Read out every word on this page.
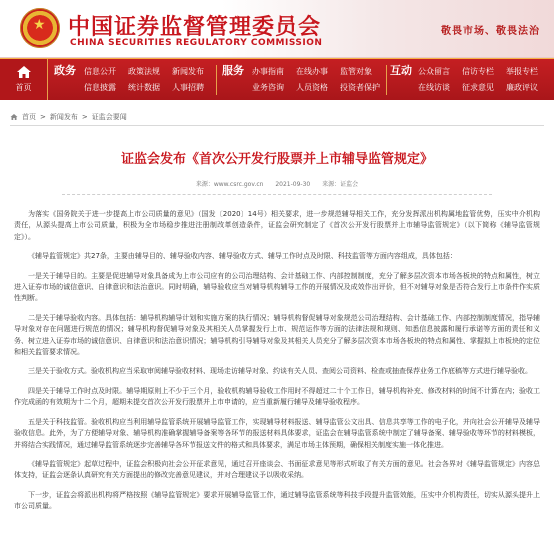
★ 中国证券监督管理委员会
CHINA SECURITIES REGULATORY COMMISSION
敬畏市场、敬畏法治
首页
政务 信息公开 政策法规 新闻发布
信息披露 统计数据 人事招聘
服务 办事指南 在线办事 监管对象
业务咨询 人员资格 投资者保护
互动 公众留言 信访专栏 举报专栏
在线访谈 征求意见 廉政评议
首页 > 新闻发布 > 证监会要闻
证监会发布《首次公开发行股票并上市辅导监管规定》
来源：www.csrc.gov.cn 2021-09-30 来源：证监会

为落实《国务院关于进一步提高上市公司质量的意见》（国发〔2020〕14号）相关要求，进一步规范辅导相关工作，充分发挥派出机构属地监管优势，压实中介机构责任，从源头提高上市公司质量，积极为全市场稳步推进注册制改革创造条件，证监会研究制定了《首次公开发行股票并上市辅导监管规定》（以下简称《辅导监管规定》）。

《辅导监管规定》共27条，主要由辅导目的、辅导验收内容、辅导验收方式、辅导工作时点及时限、科技监管等方面内容组成，具体包括：

一是关于辅导目的。主要是促进辅导对象具备成为上市公司应有的公司治理结构、会计基础工作、内部控制制度，充分了解多层次资本市场各板块的特点和属性，树立进入证券市场的诚信意识、自律意识和法治意识。同时明确，辅导验收应当对辅导机构辅导工作的开展情况及成效作出评价，但不对辅导对象是否符合发行上市条件作实质性判断。

二是关于辅导验收内容。具体包括：辅导机构辅导计划和实施方案的执行情况；辅导机构督促辅导对象规范公司治理结构、会计基础工作、内部控制制度情况，指导辅导对象对存在问题进行规范的情况；辅导机构督促辅导对象及其相关人员掌握发行上市、规范运作等方面的法律法规和规则、知悉信息披露和履行承诺等方面的责任和义务、树立进入证券市场的诚信意识、自律意识和法治意识情况；辅导机构引导辅导对象及其相关人员充分了解多层次资本市场各板块的特点和属性、掌握拟上市板块的定位和相关监管要求情况。

三是关于验收方式。验收机构应当采取审阅辅导验收材料、现场走访辅导对象、约谈有关人员、查阅公司资料、检查或抽查保荐业务工作底稿等方式进行辅导验收。

四是关于辅导工作时点及时限。辅导期原则上不少于三个月，验收机构辅导验收工作用时不得超过二十个工作日，辅导机构补充、修改材料的时间不计算在内；验收工作完成函的有效期为十二个月，超期未提交首次公开发行股票并上市申请的，应当重新履行辅导及辅导验收程序。

五是关于科技监管。验收机构应当利用辅导监管系统开展辅导监管工作，实现辅导材料报送、辅导监管公文出具、信息共享等工作的电子化，并向社会公开辅导及辅导验收信息。此外，为了方便辅导对象、辅导机构准确掌握辅导备案等各环节的报送材料具体要求，证监会在辅导监管系统中制定了辅导备案、辅导验收等环节的材料模板，并将结合实践情况，通过辅导监管系统逐步完善辅导各环节报送文件的格式和具体要求，满足市场主体预期，确保相关制度实施一体化推进。

《辅导监管规定》起草过程中，证监会积极向社会公开征求意见，通过召开座谈会、书面征求意见等形式听取了有关方面的意见。社会各界对《辅导监管规定》内容总体支持，证监会逐条认真研究有关方面提出的修改完善意见建议，并对合理建议予以吸收采纳。

下一步，证监会将派出机构将严格按照《辅导监管规定》要求开展辅导监管工作，通过辅导监管系统等科技手段提升监管效能，压实中介机构责任，切实从源头提升上市公司质量。
